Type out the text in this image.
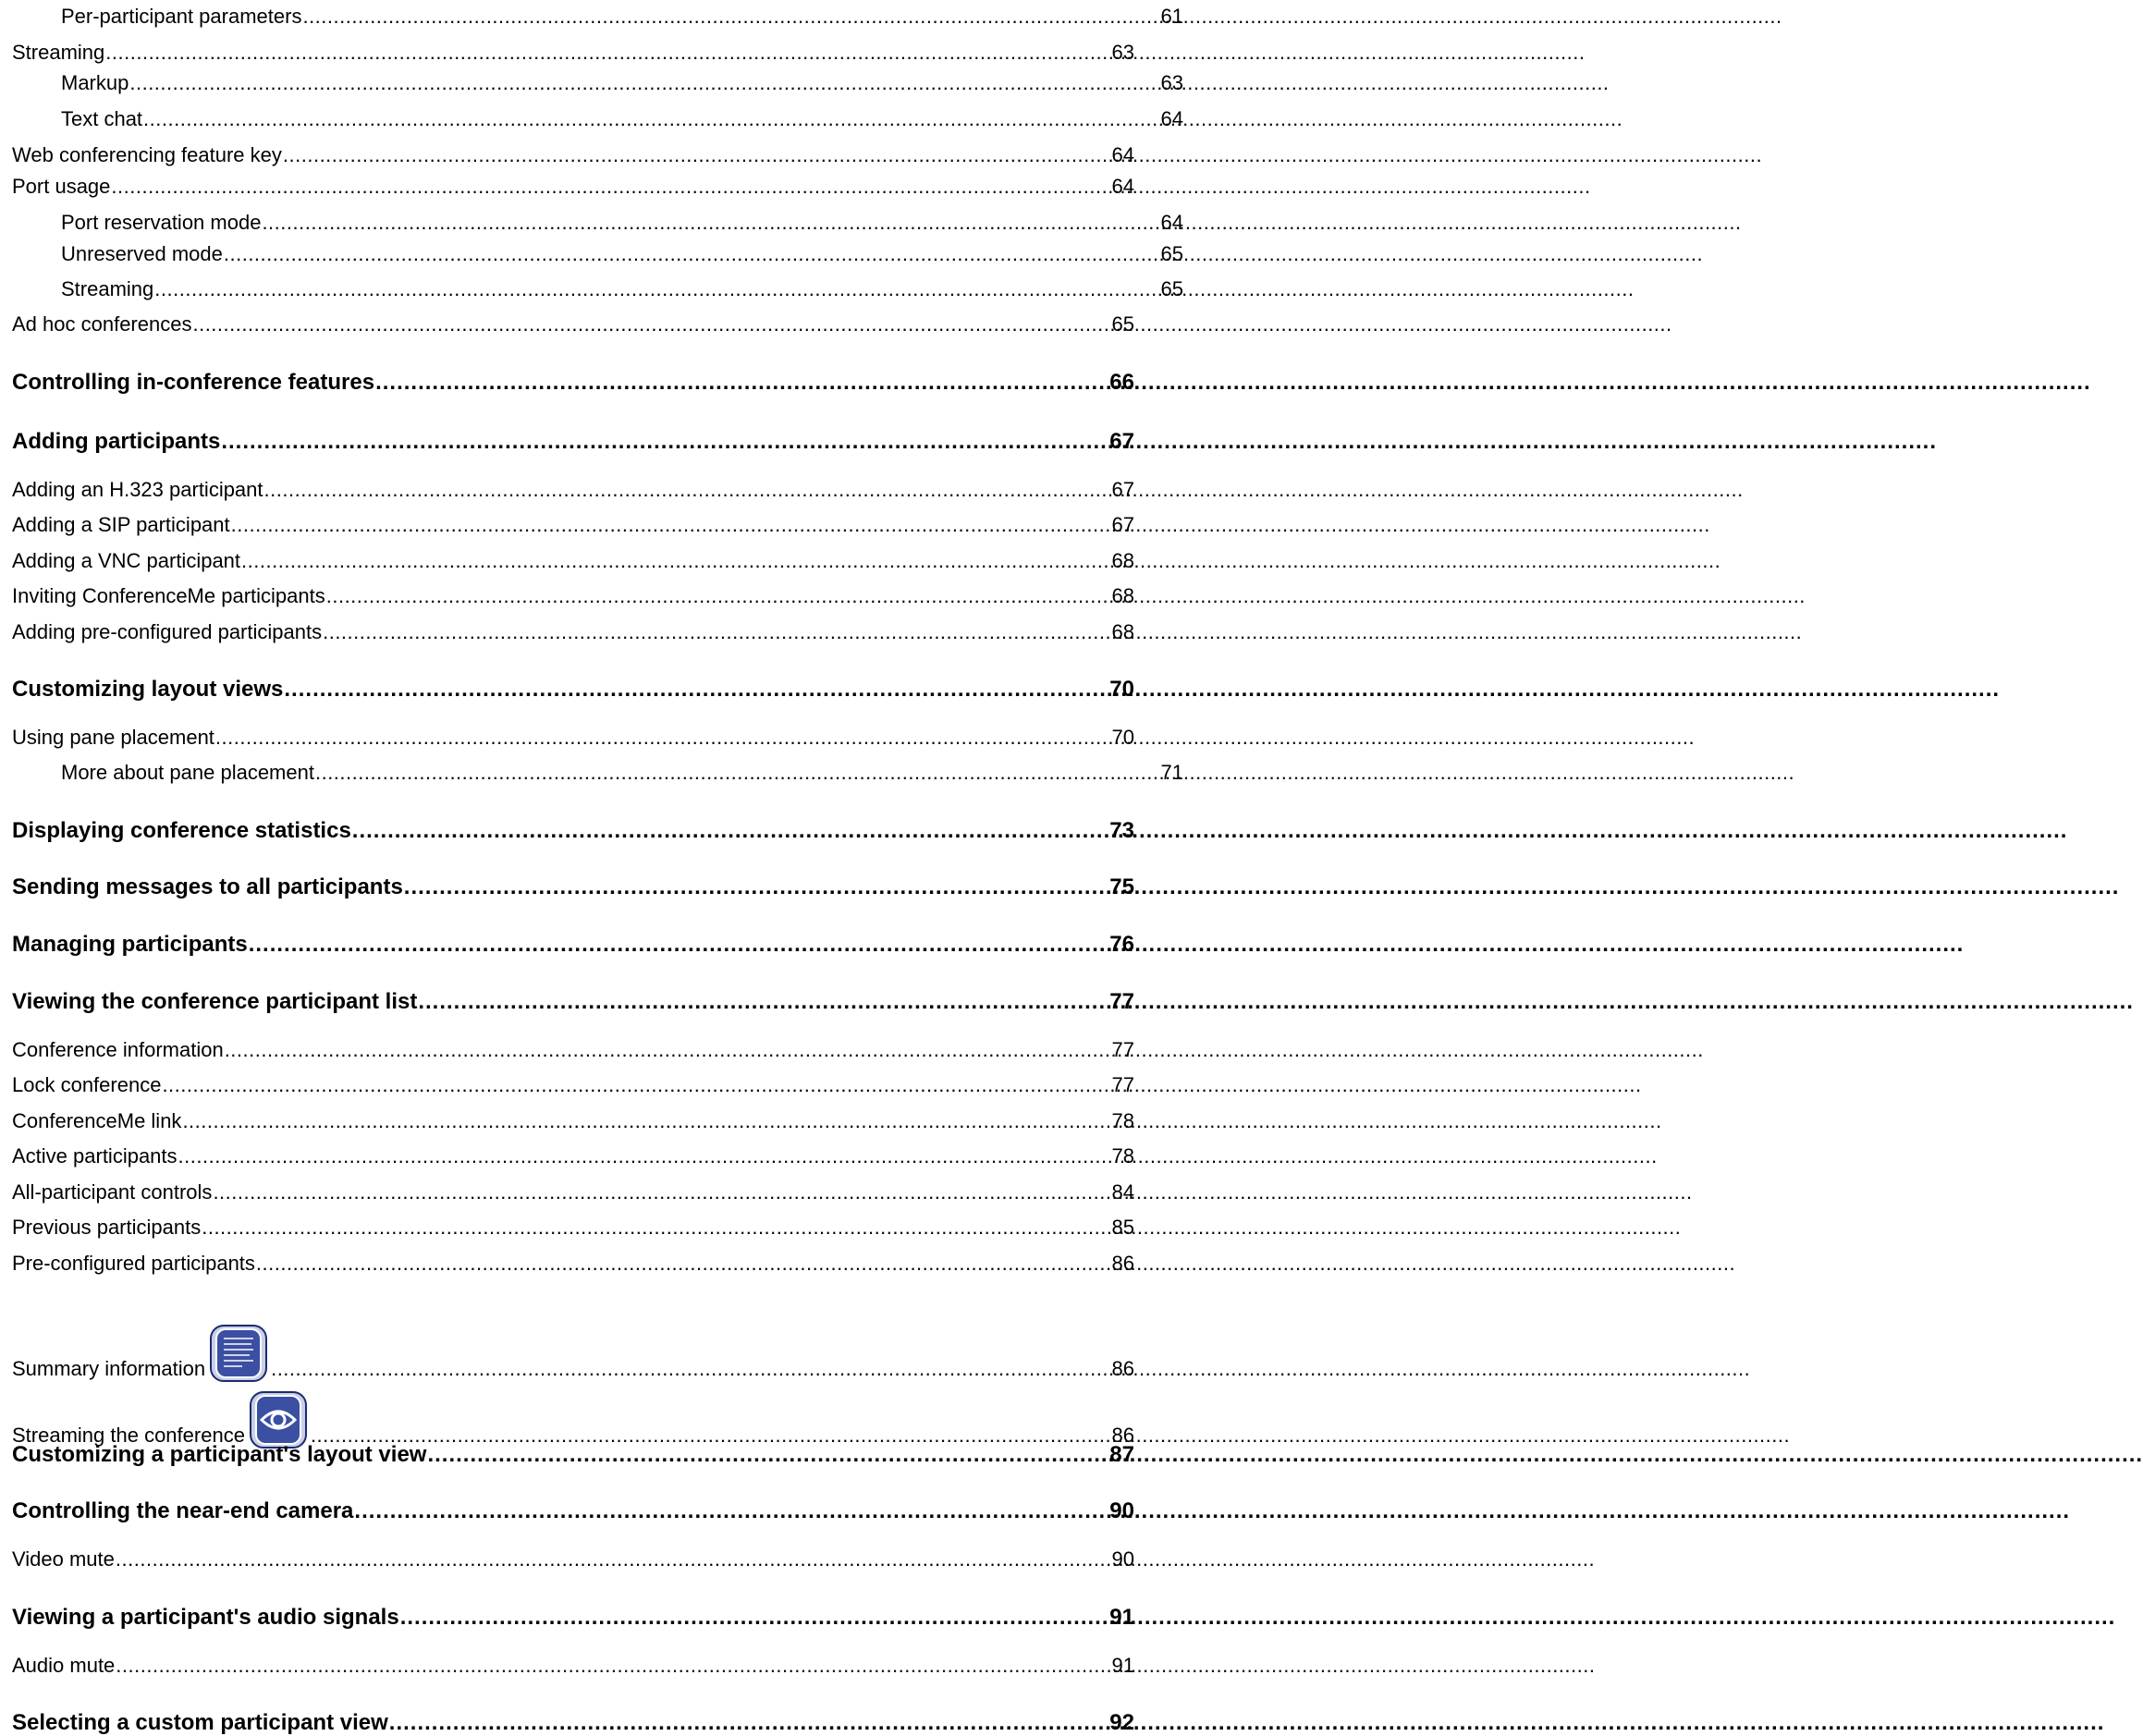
Per-participant parameters .....	61
Streaming .....	63
Markup .....	63
Text chat .....	64
Web conferencing feature key .....	64
Port usage .....	64
Port reservation mode .....	64
Unreserved mode .....	65
Streaming .....	65
Ad hoc conferences .....	65
Controlling in-conference features .....	66
Adding participants .....	67
Adding an H.323 participant .....	67
Adding a SIP participant .....	67
Adding a VNC participant .....	68
Inviting ConferenceMe participants .....	68
Adding pre-configured participants .....	68
Customizing layout views .....	70
Using pane placement .....	70
More about pane placement .....	71
Displaying conference statistics .....	73
Sending messages to all participants .....	75
Managing participants .....	76
Viewing the conference participant list .....	77
Conference information .....	77
Lock conference .....	77
ConferenceMe link .....	78
Active participants .....	78
All-participant controls .....	84
Previous participants .....	85
Pre-configured participants .....	86
Summary information .....	86
Streaming the conference .....	86
Customizing a participant's layout view .....	87
Controlling the near-end camera .....	90
Video mute .....	90
Viewing a participant's audio signals .....	91
Audio mute .....	91
Selecting a custom participant view .....	92
